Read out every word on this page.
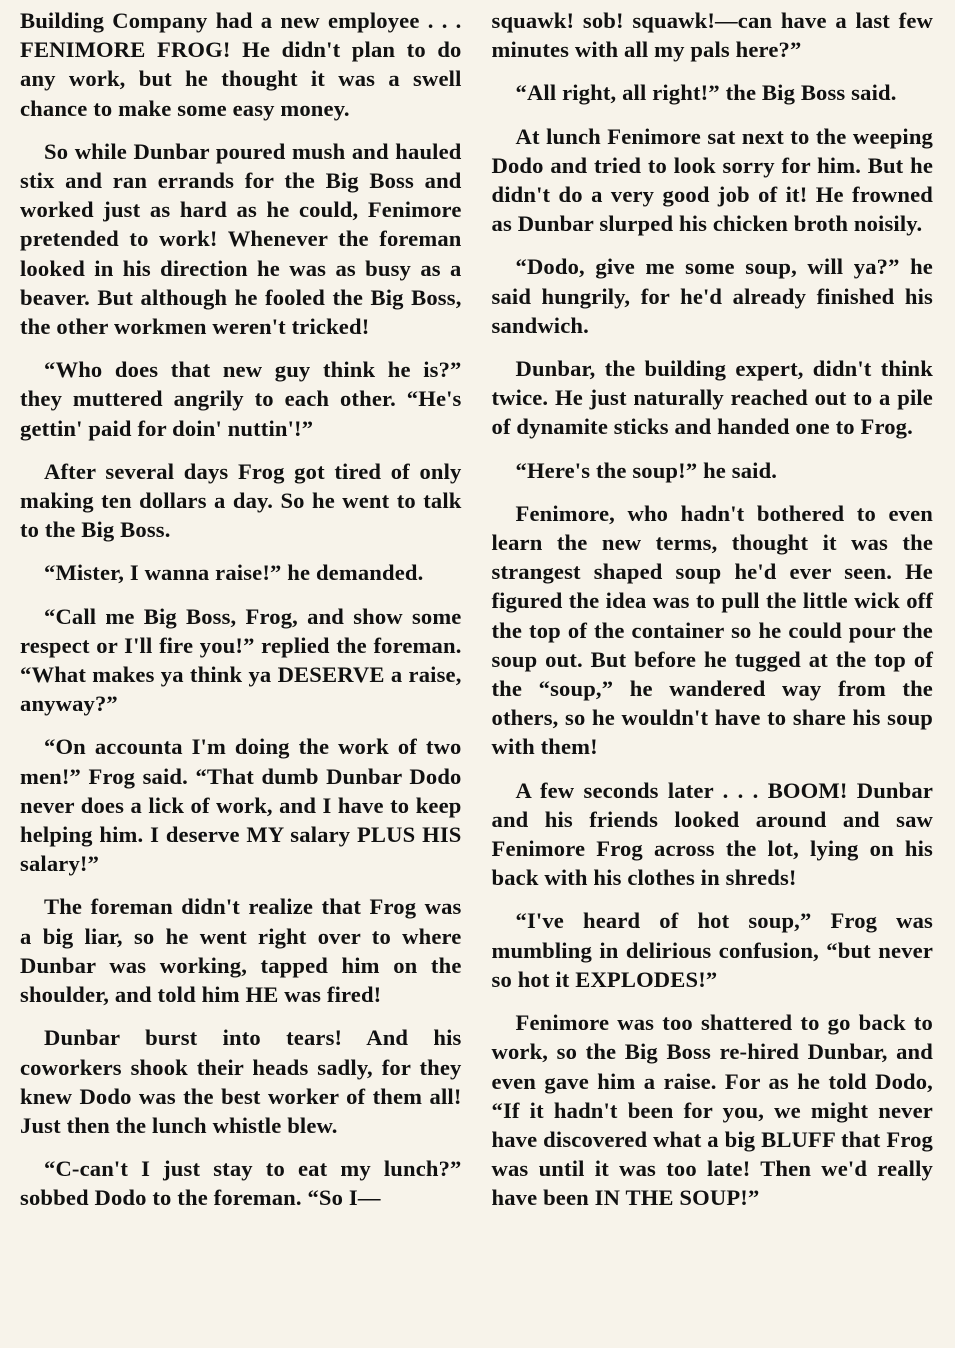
Building Company had a new employee . . . FENIMORE FROG! He didn't plan to do any work, but he thought it was a swell chance to make some easy money.

So while Dunbar poured mush and hauled stix and ran errands for the Big Boss and worked just as hard as he could, Fenimore pretended to work! Whenever the foreman looked in his direction he was as busy as a beaver. But although he fooled the Big Boss, the other workmen weren't tricked!

“Who does that new guy think he is?” they muttered angrily to each other. “He's gettin' paid for doin' nuttin'!”

After several days Frog got tired of only making ten dollars a day. So he went to talk to the Big Boss.

“Mister, I wanna raise!” he demanded.

“Call me Big Boss, Frog, and show some respect or I'll fire you!” replied the foreman. “What makes ya think ya DESERVE a raise, anyway?”

“On accounta I'm doing the work of two men!” Frog said. “That dumb Dunbar Dodo never does a lick of work, and I have to keep helping him. I deserve MY salary PLUS HIS salary!”

The foreman didn't realize that Frog was a big liar, so he went right over to where Dunbar was working, tapped him on the shoulder, and told him HE was fired!

Dunbar burst into tears! And his coworkers shook their heads sadly, for they knew Dodo was the best worker of them all! Just then the lunch whistle blew.

“C-can't I just stay to eat my lunch?” sobbed Dodo to the foreman. “So I—

squawk! sob! squawk!—can have a last few minutes with all my pals here?”

“All right, all right!” the Big Boss said.

At lunch Fenimore sat next to the weeping Dodo and tried to look sorry for him. But he didn't do a very good job of it! He frowned as Dunbar slurped his chicken broth noisily.

“Dodo, give me some soup, will ya?” he said hungrily, for he'd already finished his sandwich.

Dunbar, the building expert, didn't think twice. He just naturally reached out to a pile of dynamite sticks and handed one to Frog.

“Here's the soup!” he said.

Fenimore, who hadn't bothered to even learn the new terms, thought it was the strangest shaped soup he'd ever seen. He figured the idea was to pull the little wick off the top of the container so he could pour the soup out. But before he tugged at the top of the “soup,” he wandered way from the others, so he wouldn't have to share his soup with them!

A few seconds later . . . BOOM! Dunbar and his friends looked around and saw Fenimore Frog across the lot, lying on his back with his clothes in shreds!

“I've heard of hot soup,” Frog was mumbling in delirious confusion, “but never so hot it EXPLODES!”

Fenimore was too shattered to go back to work, so the Big Boss re-hired Dunbar, and even gave him a raise. For as he told Dodo, “If it hadn't been for you, we might never have discovered what a big BLUFF that Frog was until it was too late! Then we'd really have been IN THE SOUP!”
